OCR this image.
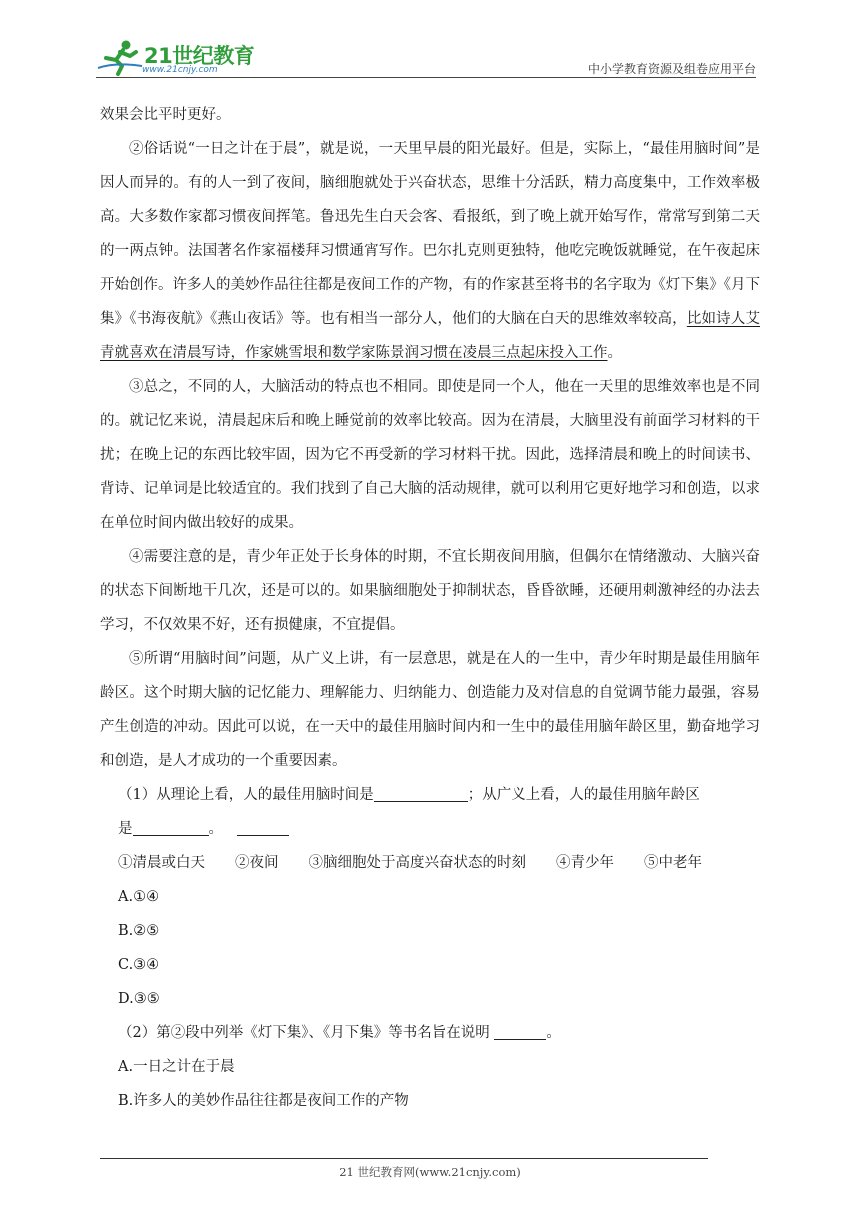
21世纪教育
www.21cnjy.com	中小学教育资源及组卷应用平台

效果会比平时更好。

②俗话说“一日之计在于晨”，就是说，一天里早晨的阳光最好。但是，实际上，“最佳用脑时间”是因人而异的。有的人一到了夜间，脑细胞就处于兴奋状态，思维十分活跃，精力高度集中，工作效率极高。大多数作家都习惯夜间挥笔。鲁迅先生白天会客、看报纸，到了晚上就开始写作，常常写到第二天的一两点钟。法国著名作家福楼拜习惯通宵写作。巴尔扎克则更独特，他吃完晚饭就睡觉，在午夜起床开始创作。许多人的美妙作品往往都是夜间工作的产物，有的作家甚至将书的名字取为《灯下集》《月下集》《书海夜航》《燕山夜话》等。也有相当一部分人，他们的大脑在白天的思维效率较高，比如诗人艾青就喜欢在清晨写诗，作家姚雪垠和数学家陈景润习惯在凌晨三点起床投入工作。

③总之，不同的人，大脑活动的特点也不相同。即使是同一个人，他在一天里的思维效率也是不同的。就记忆来说，清晨起床后和晚上睡觉前的效率比较高。因为在清晨，大脑里没有前面学习材料的干扰；在晚上记的东西比较牢固，因为它不再受新的学习材料干扰。因此，选择清晨和晚上的时间读书、背诗、记单词是比较适宜的。我们找到了自己大脑的活动规律，就可以利用它更好地学习和创造，以求在单位时间内做出较好的成果。

④需要注意的是，青少年正处于长身体的时期，不宜长期夜间用脑，但偶尔在情绪激动、大脑兴奋的状态下间断地干几次，还是可以的。如果脑细胞处于抑制状态，昏昏欲睡，还硬用刺激神经的办法去学习，不仅效果不好，还有损健康，不宜提倡。

⑤所谓“用脑时间”问题，从广义上讲，有一层意思，就是在人的一生中，青少年时期是最佳用脑年龄区。这个时期大脑的记忆能力、理解能力、归纳能力、创造能力及对信息的自觉调节能力最强，容易产生创造的冲动。因此可以说，在一天中的最佳用脑时间内和一生中的最佳用脑年龄区里，勤奋地学习和创造，是人才成功的一个重要因素。

（1）从理论上看，人的最佳用脑时间是	；从广义上看，人的最佳用脑年龄区

是	。

①清晨或白天 ②夜间 ③脑细胞处于高度兴奋状态的时刻 ④青少年 ⑤中老年

A.①④

B.②⑤

C.③④

D.③⑤

（2）第②段中列举《灯下集》、《月下集》等书名旨在说明	。

A.一日之计在于晨

B.许多人的美妙作品往往都是夜间工作的产物

21 世纪教育网(www.21cnjy.com)
